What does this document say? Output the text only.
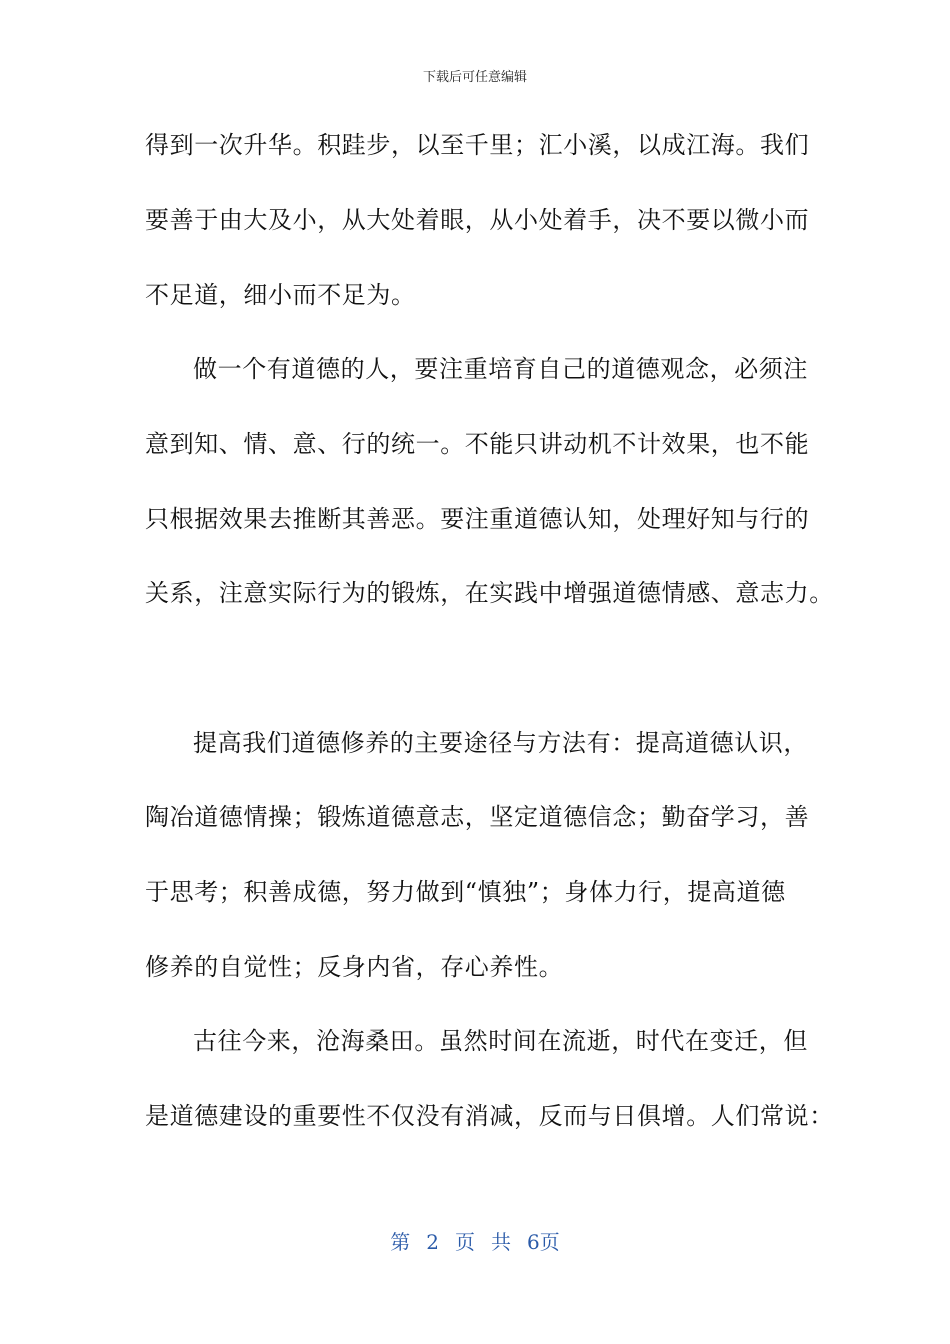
下载后可任意编辑
得到一次升华。积跬步，以至千里；汇小溪，以成江海。我们
要善于由大及小，从大处着眼，从小处着手，决不要以微小而
不足道，细小而不足为。
做一个有道德的人，要注重培育自己的道德观念，必须注
意到知、情、意、行的统一。不能只讲动机不计效果，也不能
只根据效果去推断其善恶。要注重道德认知，处理好知与行的
关系，注意实际行为的锻炼，在实践中增强道德情感、意志力。
提高我们道德修养的主要途径与方法有：提高道德认识，
陶冶道德情操；锻炼道德意志，坚定道德信念；勤奋学习，善
于思考；积善成德，努力做到“慎独”；身体力行，提高道德
修养的自觉性；反身内省，存心养性。
古往今来，沧海桑田。虽然时间在流逝，时代在变迁，但
是道德建设的重要性不仅没有消减，反而与日俱增。人们常说：
第 2 页 共 6页
